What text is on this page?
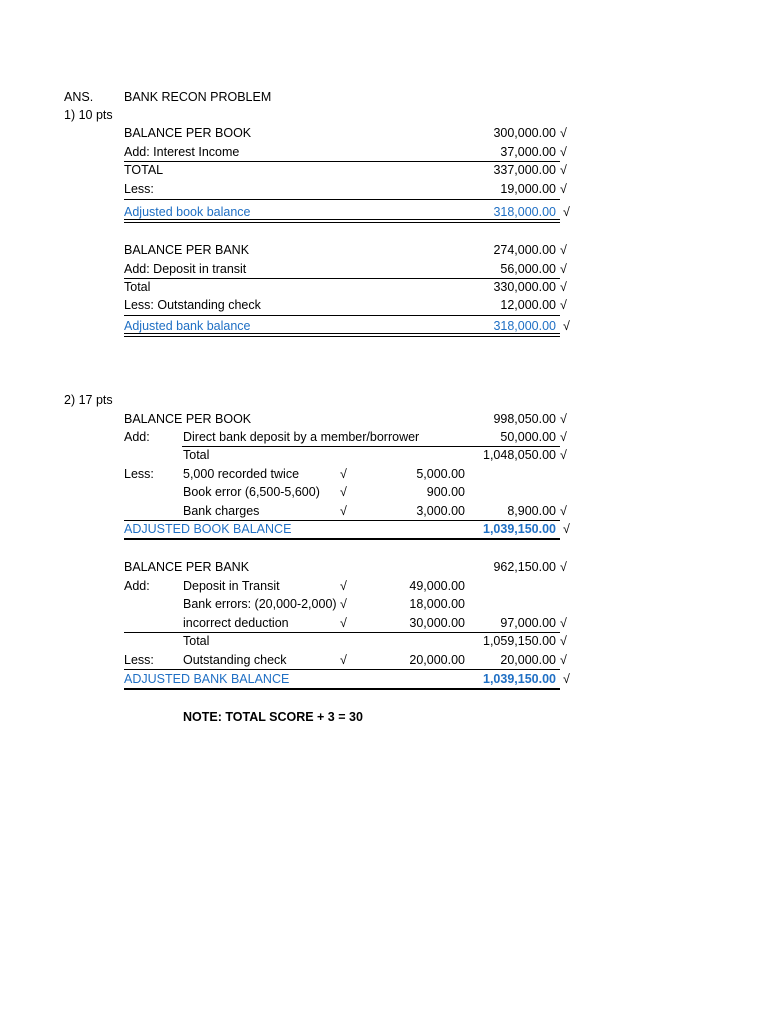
ANS. BANK RECON PROBLEM
1) 10 pts
BALANCE PER BOOK	300,000.00 √
Add: Interest Income	37,000.00 √
TOTAL	337,000.00 √
Less:	19,000.00 √
Adjusted book balance	318,000.00 √
BALANCE PER BANK	274,000.00 √
Add: Deposit in transit	56,000.00 √
Total	330,000.00 √
Less: Outstanding check	12,000.00 √
Adjusted bank balance	318,000.00 √
2) 17 pts
BALANCE PER BOOK	998,050.00 √
Add:	Direct bank deposit by a member/borrower	50,000.00 √
Total	1,048,050.00 √
Less: 5,000 recorded twice	√	5,000.00
Book error (6,500-5,600) √	900.00
Bank charges	√	3,000.00	8,900.00 √
ADJUSTED BOOK BALANCE	1,039,150.00 √
BALANCE PER BANK	962,150.00 √
Add:	Deposit in Transit	√	49,000.00
Bank errors: (20,000-2,000) √	18,000.00
incorrect deduction	√	30,000.00	97,000.00 √
Total	1,059,150.00 √
Less: Outstanding check	√	20,000.00	20,000.00 √
ADJUSTED BANK BALANCE	1,039,150.00 √
NOTE: TOTAL SCORE + 3 = 30
